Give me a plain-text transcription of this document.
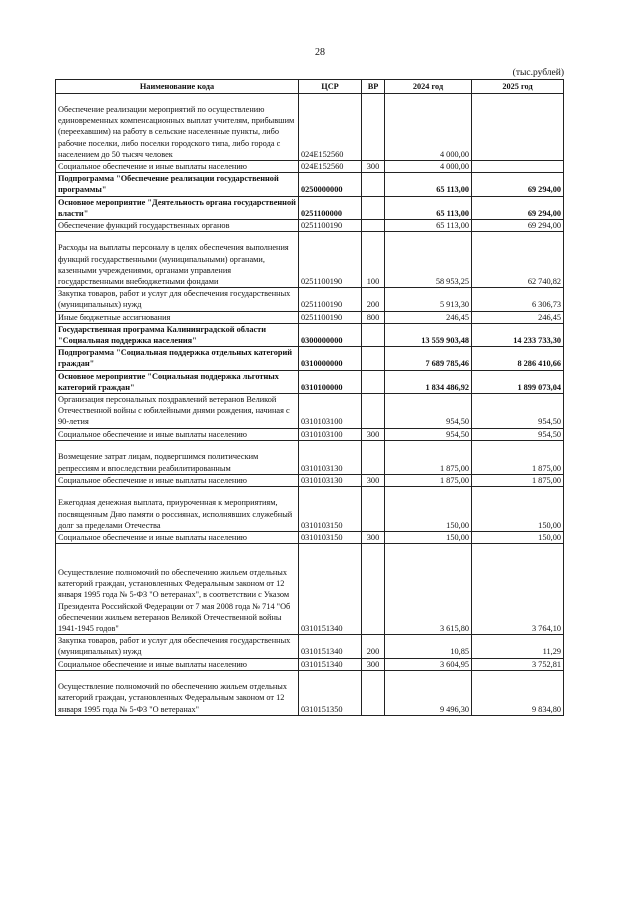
28
(тыс.рублей)
Наименование кода	ЦСР	ВР	2024 год	2025 год
Обеспечение реализации мероприятий по осуществлению единовременных компенсационных выплат учителям, прибывшим (переехавшим) на работу в сельские населенные пункты, либо рабочие поселки, либо поселки городского типа, либо города с населением до 50 тысяч человек	024Е152560		4 000,00	
Социальное обеспечение и иные выплаты населению	024Е152560	300	4 000,00	
Подпрограмма "Обеспечение реализации государственной программы"	0250000000		65 113,00	69 294,00
Основное мероприятие "Деятельность органа государственной власти"	0251100000		65 113,00	69 294,00
Обеспечение функций государственных органов	0251100190		65 113,00	69 294,00
Расходы на выплаты персоналу в целях обеспечения выполнения функций государственными (муниципальными) органами, казенными учреждениями, органами управления государственными внебюджетными фондами	0251100190	100	58 953,25	62 740,82
Закупка товаров, работ и услуг для обеспечения государственных (муниципальных) нужд	0251100190	200	5 913,30	6 306,73
Иные бюджетные ассигнования	0251100190	800	246,45	246,45
Государственная программа Калининградской области "Социальная поддержка населения"	0300000000		13 559 903,48	14 233 733,30
Подпрограмма "Социальная поддержка отдельных категорий граждан"	0310000000		7 689 785,46	8 286 410,66
Основное мероприятие "Социальная поддержка льготных категорий граждан"	0310100000		1 834 486,92	1 899 073,04
Организация персональных поздравлений ветеранов Великой Отечественной войны с юбилейными днями рождения, начиная с 90-летия	0310103100		954,50	954,50
Социальное обеспечение и иные выплаты населению	0310103100	300	954,50	954,50
Возмещение затрат лицам, подвергшимся политическим репрессиям и впоследствии реабилитированным	0310103130		1 875,00	1 875,00
Социальное обеспечение и иные выплаты населению	0310103130	300	1 875,00	1 875,00
Ежегодная денежная выплата, приуроченная к мероприятиям, посвященным Дню памяти о россиянах, исполнявших служебный долг за пределами Отечества	0310103150		150,00	150,00
Социальное обеспечение и иные выплаты населению	0310103150	300	150,00	150,00
Осуществление полномочий по обеспечению жильем отдельных категорий граждан, установленных Федеральным законом от 12 января 1995 года № 5-ФЗ "О ветеранах", в соответствии с Указом Президента Российской Федерации от 7 мая 2008 года № 714 "Об обеспечении жильем ветеранов Великой Отечественной войны 1941-1945 годов"	0310151340		3 615,80	3 764,10
Закупка товаров, работ и услуг для обеспечения государственных (муниципальных) нужд	0310151340	200	10,85	11,29
Социальное обеспечение и иные выплаты населению	0310151340	300	3 604,95	3 752,81
Осуществление полномочий по обеспечению жильем отдельных категорий граждан, установленных Федеральным законом от 12 января 1995 года № 5-ФЗ "О ветеранах"	0310151350		9 496,30	9 834,80
